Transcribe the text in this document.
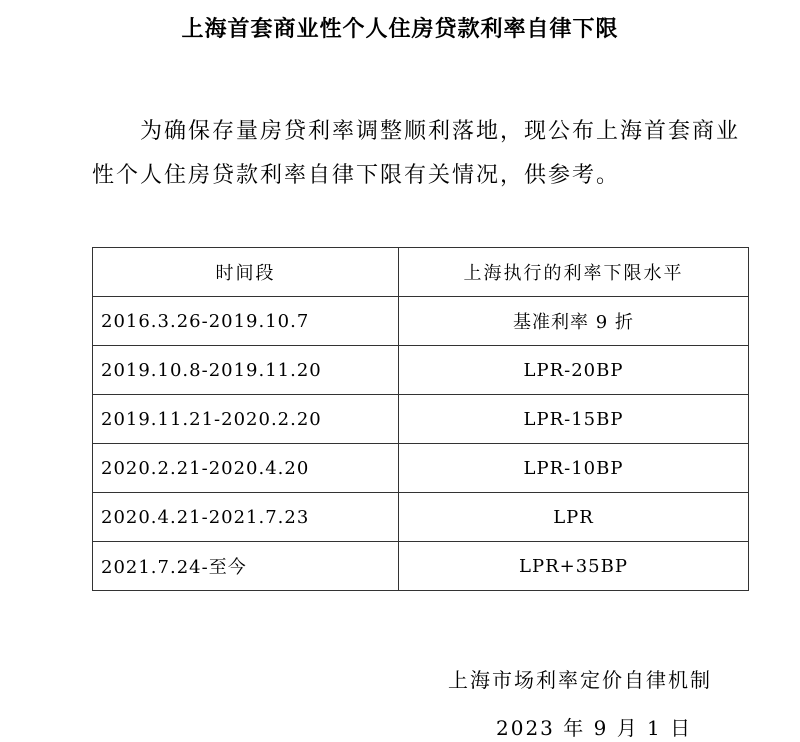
上海首套商业性个人住房贷款利率自律下限
为确保存量房贷利率调整顺利落地，现公布上海首套商业性个人住房贷款利率自律下限有关情况，供参考。
时间段	上海执行的利率下限水平
2016.3.26-2019.10.7	基准利率 9 折
2019.10.8-2019.11.20	LPR-20BP
2019.11.21-2020.2.20	LPR-15BP
2020.2.21-2020.4.20	LPR-10BP
2020.4.21-2021.7.23	LPR
2021.7.24-至今	LPR+35BP
上海市场利率定价自律机制
2023 年 9 月 1 日
